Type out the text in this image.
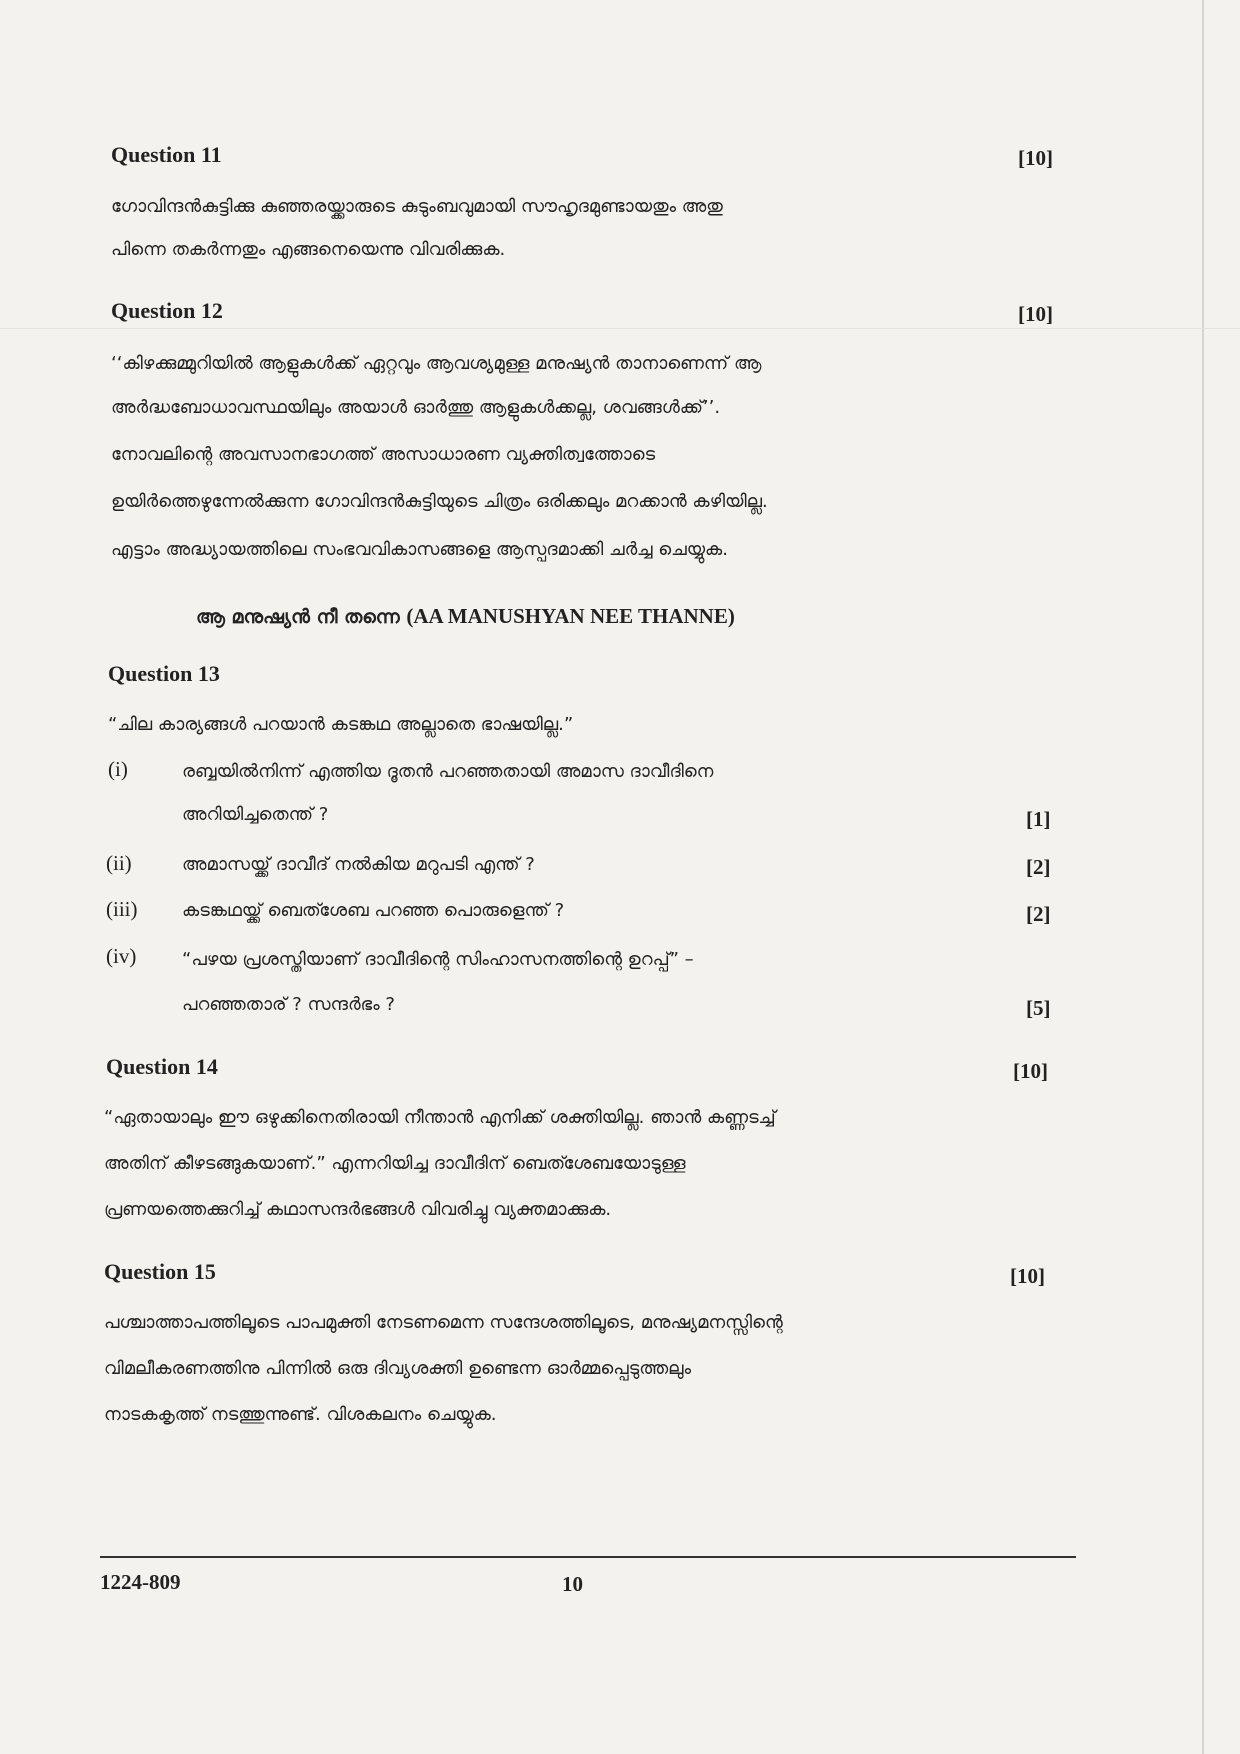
Question 11	[10]
ഗോവിന്ദൻകുട്ടിക്കു കുഞ്ഞരയ്ക്കാരുടെ കുടുംബവുമായി സൗഹൃദമുണ്ടായതും അതു
പിന്നെ തകർന്നതും എങ്ങനെയെന്നു വിവരിക്കുക.
Question 12	[10]
‘‘കിഴക്കുമ്മുറിയിൽ ആളുകൾക്ക് ഏറ്റവും ആവശ്യമുള്ള മനുഷ്യൻ താനാണെന്ന് ആ
അർദ്ധബോധാവസ്ഥയിലും അയാൾ ഓർത്തു ആളുകൾക്കല്ല, ശവങ്ങൾക്ക്’’.
നോവലിന്റെ അവസാനഭാഗത്ത് അസാധാരണ വ്യക്തിത്വത്തോടെ
ഉയിർത്തെഴുന്നേൽക്കുന്ന ഗോവിന്ദൻകുട്ടിയുടെ ചിത്രം ഒരിക്കലും മറക്കാൻ കഴിയില്ല.
എട്ടാം അദ്ധ്യായത്തിലെ സംഭവവികാസങ്ങളെ ആസ്പദമാക്കി ചർച്ച ചെയ്യുക.
ആ മനുഷ്യൻ നീ തന്നെ (AA MANUSHYAN NEE THANNE)
Question 13
“ചില കാര്യങ്ങൾ പറയാൻ കടങ്കഥ അല്ലാതെ ഭാഷയില്ല.”
(i)	രബ്ബയിൽനിന്ന് എത്തിയ ദൂതൻ പറഞ്ഞതായി അമാസ ദാവീദിനെ
അറിയിച്ചതെന്ത് ?	[1]
(ii)	അമാസയ്ക്ക് ദാവീദ് നൽകിയ മറുപടി എന്ത് ?	[2]
(iii) കടങ്കഥയ്ക്ക് ബെത്ശേബ പറഞ്ഞ പൊരുളെന്ത് ?	[2]
(iv)	“പഴയ പ്രശസ്തിയാണ് ദാവീദിന്റെ സിംഹാസനത്തിന്റെ ഉറപ്പ്” –
പറഞ്ഞതാര് ? സന്ദർഭം ?	[5]
Question 14	[10]
“ഏതായാലും ഈ ഒഴുക്കിനെതിരായി നീന്താൻ എനിക്ക് ശക്തിയില്ല. ഞാൻ കണ്ണടച്ച്
അതിന് കീഴടങ്ങുകയാണ്.” എന്നറിയിച്ച ദാവീദിന് ബെത്ശേബയോടുള്ള
പ്രണയത്തെക്കുറിച്ച് കഥാസന്ദർഭങ്ങൾ വിവരിച്ചു വ്യക്തമാക്കുക.
Question 15	[10]
പശ്ചാത്താപത്തിലൂടെ പാപമുക്തി നേടണമെന്ന സന്ദേശത്തിലൂടെ, മനുഷ്യമനസ്സിന്റെ
വിമലീകരണത്തിനു പിന്നിൽ ഒരു ദിവ്യശക്തി ഉണ്ടെന്ന ഓർമ്മപ്പെടുത്തലും
നാടകകൃത്ത് നടത്തുന്നുണ്ട്. വിശകലനം ചെയ്യുക.
1224-809	10
